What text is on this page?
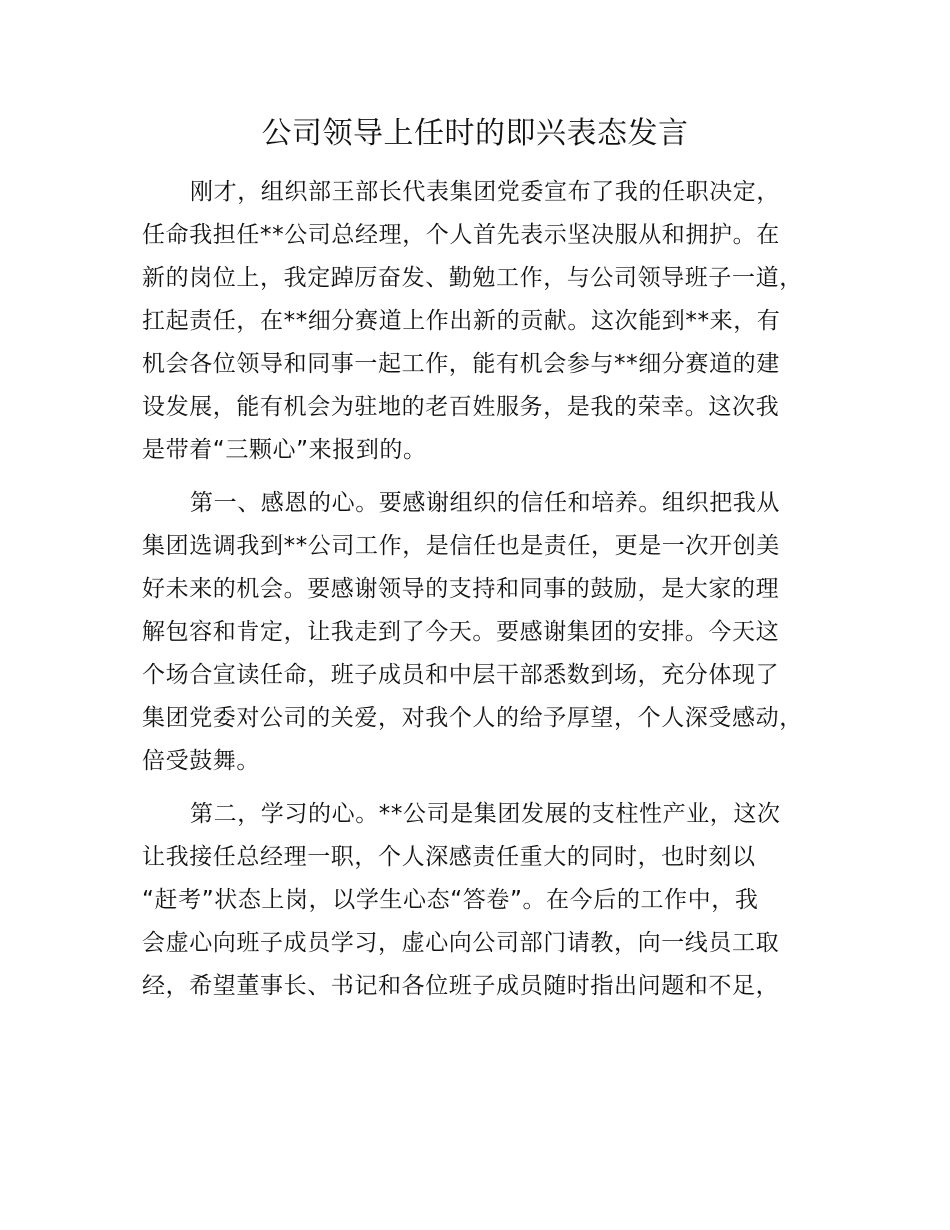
公司领导上任时的即兴表态发言
刚才，组织部王部长代表集团党委宣布了我的任职决定，
任命我担任**公司总经理，个人首先表示坚决服从和拥护。在
新的岗位上，我定踔厉奋发、勤勉工作，与公司领导班子一道，
扛起责任，在**细分赛道上作出新的贡献。这次能到**来，有
机会各位领导和同事一起工作，能有机会参与**细分赛道的建
设发展，能有机会为驻地的老百姓服务，是我的荣幸。这次我
是带着“三颗心”来报到的。
第一、感恩的心。要感谢组织的信任和培养。组织把我从
集团选调我到**公司工作，是信任也是责任，更是一次开创美
好未来的机会。要感谢领导的支持和同事的鼓励，是大家的理
解包容和肯定，让我走到了今天。要感谢集团的安排。今天这
个场合宣读任命，班子成员和中层干部悉数到场，充分体现了
集团党委对公司的关爱，对我个人的给予厚望，个人深受感动，
倍受鼓舞。
第二，学习的心。**公司是集团发展的支柱性产业，这次
让我接任总经理一职，个人深感责任重大的同时，也时刻以
“赶考”状态上岗，以学生心态“答卷”。在今后的工作中，我
会虚心向班子成员学习，虚心向公司部门请教，向一线员工取
经，希望董事长、书记和各位班子成员随时指出问题和不足，
